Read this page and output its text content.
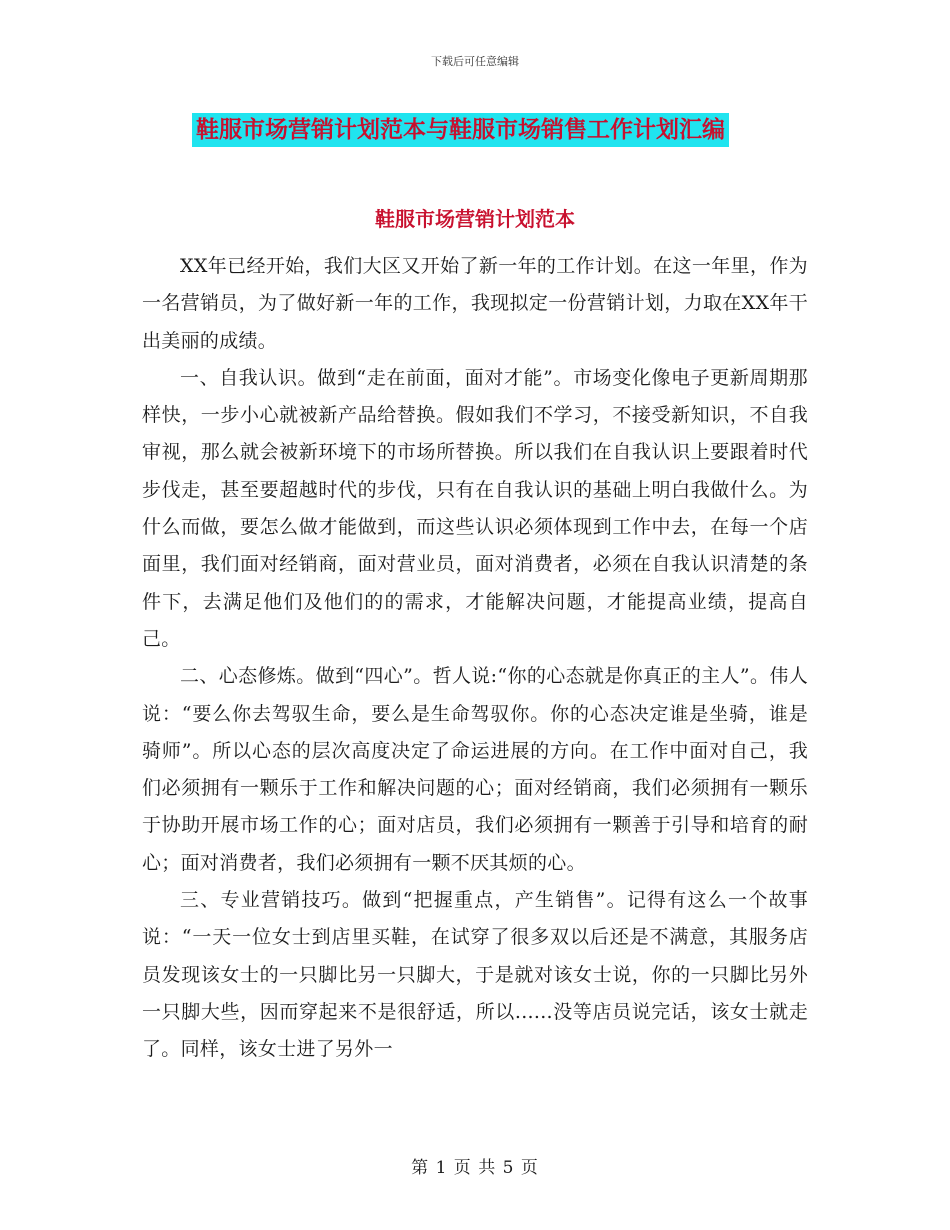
下载后可任意编辑
鞋服市场营销计划范本与鞋服市场销售工作计划汇编
鞋服市场营销计划范本

XX年已经开始，我们大区又开始了新一年的工作计划。在这一年里，作为一名营销员，为了做好新一年的工作，我现拟定一份营销计划，力取在XX年干出美丽的成绩。

一、自我认识。做到“走在前面，面对才能”。市场变化像电子更新周期那样快，一步小心就被新产品给替换。假如我们不学习，不接受新知识，不自我审视，那么就会被新环境下的市场所替换。所以我们在自我认识上要跟着时代步伐走，甚至要超越时代的步伐，只有在自我认识的基础上明白我做什么。为什么而做，要怎么做才能做到，而这些认识必须体现到工作中去，在每一个店面里，我们面对经销商，面对营业员，面对消费者，必须在自我认识清楚的条件下，去满足他们及他们的的需求，才能解决问题，才能提高业绩，提高自己。

二、心态修炼。做到“四心”。哲人说:“你的心态就是你真正的主人”。伟人说：“要么你去驾驭生命，要么是生命驾驭你。你的心态决定谁是坐骑，谁是骑师”。所以心态的层次高度决定了命运进展的方向。在工作中面对自己，我们必须拥有一颗乐于工作和解决问题的心；面对经销商，我们必须拥有一颗乐于协助开展市场工作的心；面对店员，我们必须拥有一颗善于引导和培育的耐心；面对消费者，我们必须拥有一颗不厌其烦的心。

三、专业营销技巧。做到“把握重点，产生销售”。记得有这么一个故事说：“一天一位女士到店里买鞋，在试穿了很多双以后还是不满意，其服务店员发现该女士的一只脚比另一只脚大，于是就对该女士说，你的一只脚比另外一只脚大些，因而穿起来不是很舒适，所以......没等店员说完话，该女士就走了。同样，该女士进了另外一

第 1 页 共 5 页
